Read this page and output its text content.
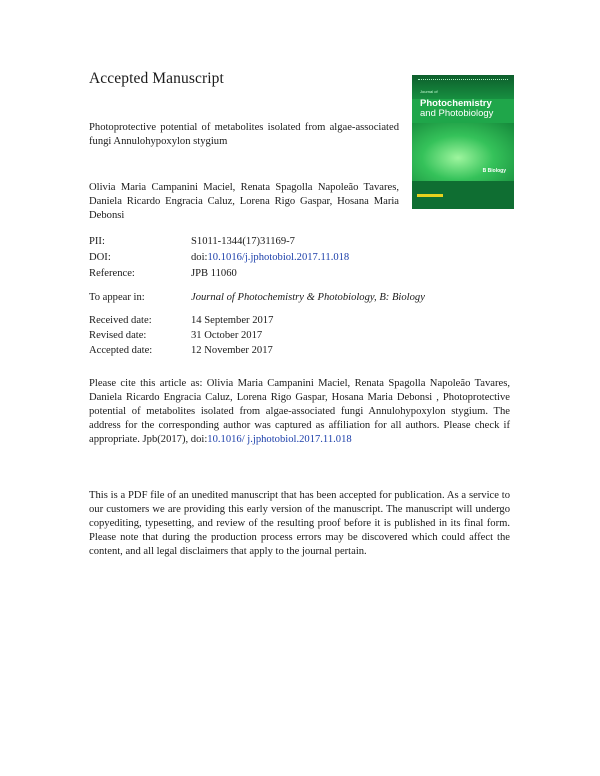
Accepted Manuscript
Photoprotective potential of metabolites isolated from algae-associated fungi Annulohypoxylon stygium
Olivia Maria Campanini Maciel, Renata Spagolla Napoleão Tavares, Daniela Ricardo Engracia Caluz, Lorena Rigo Gaspar, Hosana Maria Debonsi
Journal of
Photochemistry
and Photobiology
B Biology
PII:	S1011-1344(17)31169-7
DOI:	doi:10.1016/j.jphotobiol.2017.11.018
Reference:	JPB 11060
To appear in:	Journal of Photochemistry & Photobiology, B: Biology
Received date:	14 September 2017
Revised date:	31 October 2017
Accepted date:	12 November 2017
Please cite this article as: Olivia Maria Campanini Maciel, Renata Spagolla Napoleão Tavares, Daniela Ricardo Engracia Caluz, Lorena Rigo Gaspar, Hosana Maria Debonsi , Photoprotective potential of metabolites isolated from algae-associated fungi Annulohypoxylon stygium. The address for the corresponding author was captured as affiliation for all authors. Please check if appropriate. Jpb(2017), doi:10.1016/ j.jphotobiol.2017.11.018
This is a PDF file of an unedited manuscript that has been accepted for publication. As a service to our customers we are providing this early version of the manuscript. The manuscript will undergo copyediting, typesetting, and review of the resulting proof before it is published in its final form. Please note that during the production process errors may be discovered which could affect the content, and all legal disclaimers that apply to the journal pertain.
